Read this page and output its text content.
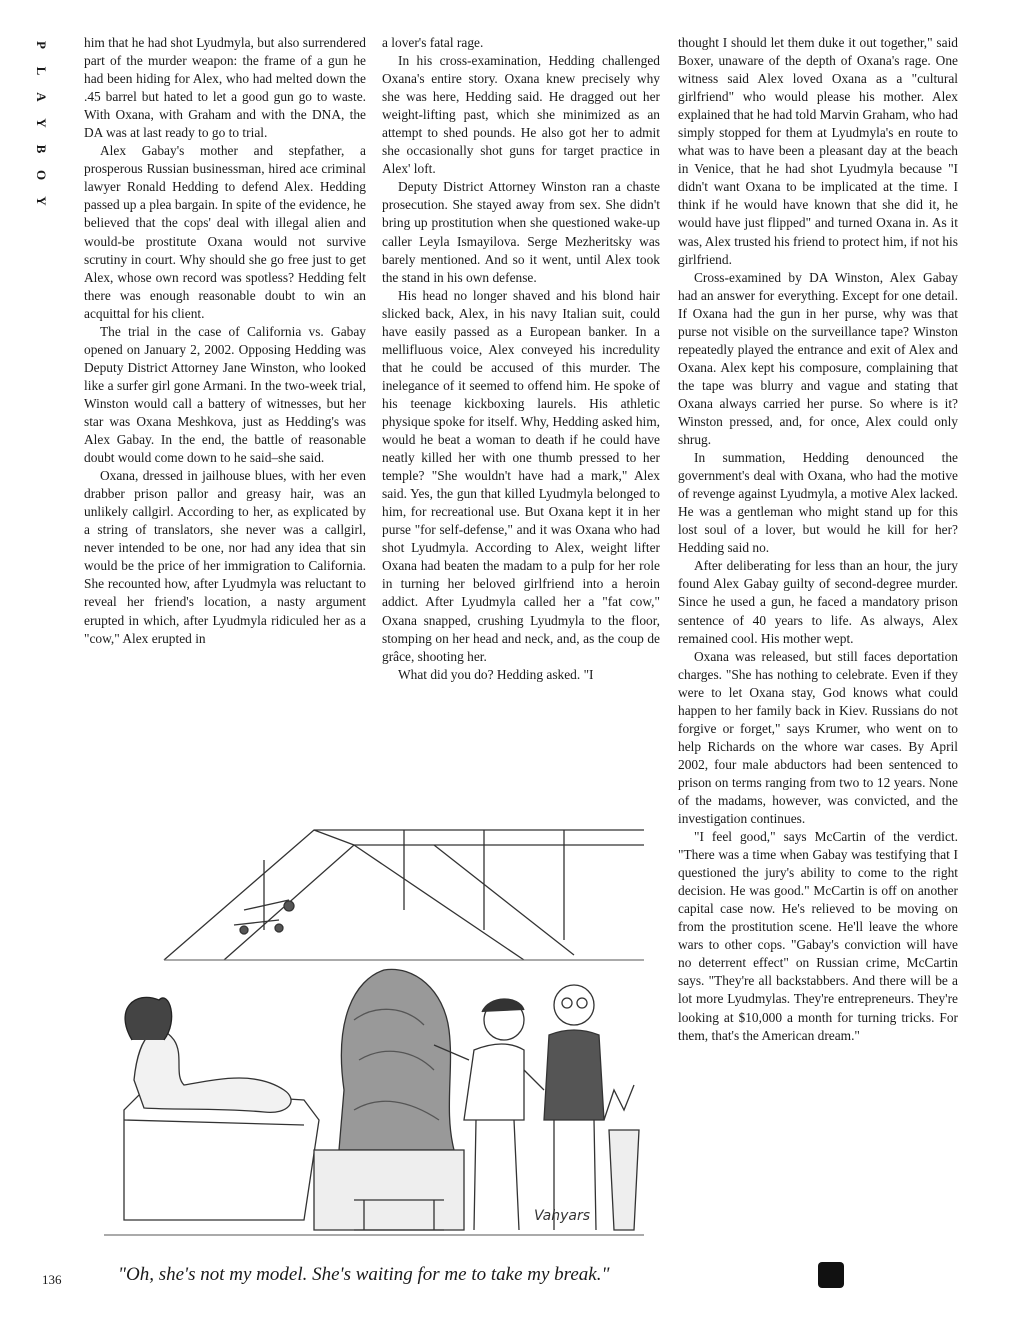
P
L
A
Y
B
O
Y

him that he had shot Lyudmyla, but also surrendered part of the murder weapon: the frame of a gun he had been hiding for Alex, who had melted down the .45 barrel but hated to let a good gun go to waste. With Oxana, with Graham and with the DNA, the DA was at last ready to go to trial.

Alex Gabay's mother and stepfather, a prosperous Russian businessman, hired ace criminal lawyer Ronald Hedding to defend Alex. Hedding passed up a plea bargain. In spite of the evidence, he believed that the cops' deal with illegal alien and would-be prostitute Oxana would not survive scrutiny in court. Why should she go free just to get Alex, whose own record was spotless? Hedding felt there was enough reasonable doubt to win an acquittal for his client.

The trial in the case of California vs. Gabay opened on January 2, 2002. Opposing Hedding was Deputy District Attorney Jane Winston, who looked like a surfer girl gone Armani. In the two-week trial, Winston would call a battery of witnesses, but her star was Oxana Meshkova, just as Hedding's was Alex Gabay. In the end, the battle of reasonable doubt would come down to he said–she said.

Oxana, dressed in jailhouse blues, with her even drabber prison pallor and greasy hair, was an unlikely callgirl. According to her, as explicated by a string of translators, she never was a callgirl, never intended to be one, nor had any idea that sin would be the price of her immigration to California. She recounted how, after Lyudmyla was reluctant to reveal her friend's location, a nasty argument erupted in which, after Lyudmyla ridiculed her as a "cow," Alex erupted in

a lover's fatal rage.

In his cross-examination, Hedding challenged Oxana's entire story. Oxana knew precisely why she was here, Hedding said. He dragged out her weight-lifting past, which she minimized as an attempt to shed pounds. He also got her to admit she occasionally shot guns for target practice in Alex' loft.

Deputy District Attorney Winston ran a chaste prosecution. She stayed away from sex. She didn't bring up prostitution when she questioned wake-up caller Leyla Ismayilova. Serge Mezheritsky was barely mentioned. And so it went, until Alex took the stand in his own defense.

His head no longer shaved and his blond hair slicked back, Alex, in his navy Italian suit, could have easily passed as a European banker. In a mellifluous voice, Alex conveyed his incredulity that he could be accused of this murder. The inelegance of it seemed to offend him. He spoke of his teenage kickboxing laurels. His athletic physique spoke for itself. Why, Hedding asked him, would he beat a woman to death if he could have neatly killed her with one thumb pressed to her temple? "She wouldn't have had a mark," Alex said. Yes, the gun that killed Lyudmyla belonged to him, for recreational use. But Oxana kept it in her purse "for self-defense," and it was Oxana who had shot Lyudmyla. According to Alex, weight lifter Oxana had beaten the madam to a pulp for her role in turning her beloved girlfriend into a heroin addict. After Lyudmyla called her a "fat cow," Oxana snapped, crushing Lyudmyla to the floor, stomping on her head and neck, and, as the coup de grâce, shooting her.

What did you do? Hedding asked. "I

thought I should let them duke it out together," said Boxer, unaware of the depth of Oxana's rage. One witness said Alex loved Oxana as a "cultural girlfriend" who would please his mother. Alex explained that he had told Marvin Graham, who had simply stopped for them at Lyudmyla's en route to what was to have been a pleasant day at the beach in Venice, that he had shot Lyudmyla because "I didn't want Oxana to be implicated at the time. I think if he would have known that she did it, he would have just flipped" and turned Oxana in. As it was, Alex trusted his friend to protect him, if not his girlfriend.

Cross-examined by DA Winston, Alex Gabay had an answer for everything. Except for one detail. If Oxana had the gun in her purse, why was that purse not visible on the surveillance tape? Winston repeatedly played the entrance and exit of Alex and Oxana. Alex kept his composure, complaining that the tape was blurry and vague and stating that Oxana always carried her purse. So where is it? Winston pressed, and, for once, Alex could only shrug.

In summation, Hedding denounced the government's deal with Oxana, who had the motive of revenge against Lyudmyla, a motive Alex lacked. He was a gentleman who might stand up for this lost soul of a lover, but would he kill for her? Hedding said no.

After deliberating for less than an hour, the jury found Alex Gabay guilty of second-degree murder. Since he used a gun, he faced a mandatory prison sentence of 40 years to life. As always, Alex remained cool. His mother wept.

Oxana was released, but still faces deportation charges. "She has nothing to celebrate. Even if they were to let Oxana stay, God knows what could happen to her family back in Kiev. Russians do not forgive or forget," says Krumer, who went on to help Richards on the whore war cases. By April 2002, four male abductors had been sentenced to prison on terms ranging from two to 12 years. None of the madams, however, was convicted, and the investigation continues.

"I feel good," says McCartin of the verdict. "There was a time when Gabay was testifying that I questioned the jury's ability to come to the right decision. He was good." McCartin is off on another capital case now. He's relieved to be moving on from the prostitution scene. He'll leave the whore wars to other cops. "Gabay's conviction will have no deterrent effect" on Russian crime, McCartin says. "They're all backstabbers. And there will be a lot more Lyudmylas. They're entrepreneurs. They're looking at $10,000 a month for turning tricks. For them, that's the American dream."

Vahyars
136	"Oh, she's not my model. She's waiting for me to take my break."
